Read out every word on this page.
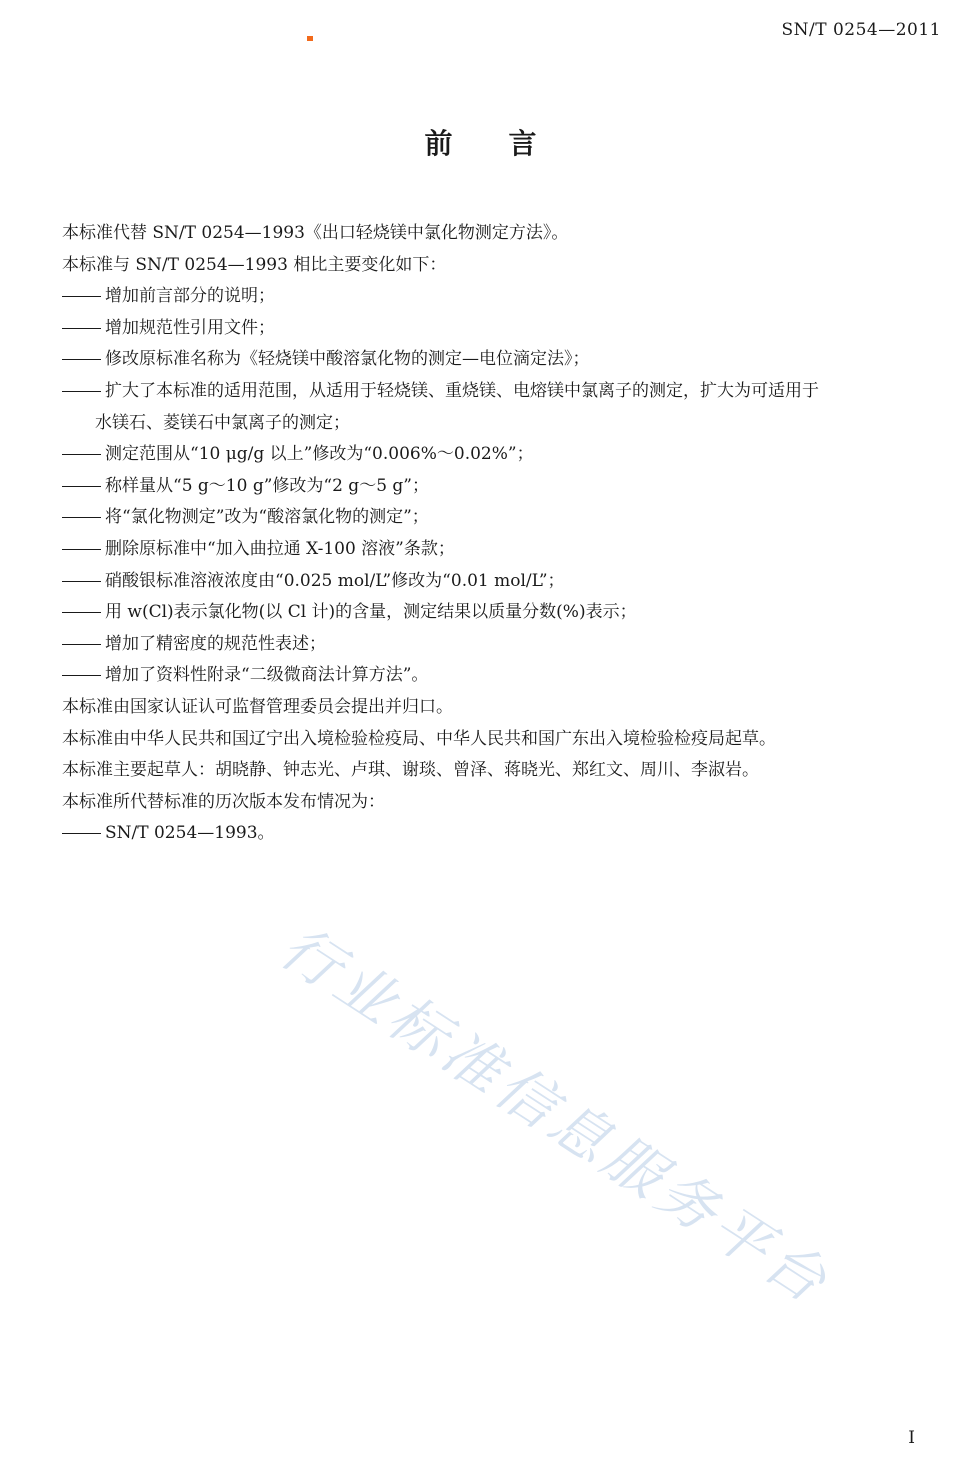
SN/T 0254—2011
前　　言
本标准代替 SN/T 0254—1993《出口轻烧镁中氯化物测定方法》。
本标准与 SN/T 0254—1993 相比主要变化如下：
增加前言部分的说明；
增加规范性引用文件；
修改原标准名称为《轻烧镁中酸溶氯化物的测定—电位滴定法》；
扩大了本标准的适用范围，从适用于轻烧镁、重烧镁、电熔镁中氯离子的测定，扩大为可适用于
水镁石、菱镁石中氯离子的测定；
测定范围从“10 μg/g 以上”修改为“0.006%～0.02%”；
称样量从“5 g～10 g”修改为“2 g～5 g”；
将“氯化物测定”改为“酸溶氯化物的测定”；
删除原标准中“加入曲拉通 X-100 溶液”条款；
硝酸银标准溶液浓度由“0.025 mol/L”修改为“0.01 mol/L”；
用 w(Cl)表示氯化物(以 Cl 计)的含量，测定结果以质量分数(%)表示；
增加了精密度的规范性表述；
增加了资料性附录“二级微商法计算方法”。
本标准由国家认证认可监督管理委员会提出并归口。
本标准由中华人民共和国辽宁出入境检验检疫局、中华人民共和国广东出入境检验检疫局起草。
本标准主要起草人：胡晓静、钟志光、卢琪、谢琰、曾泽、蒋晓光、郑红文、周川、李淑岩。
本标准所代替标准的历次版本发布情况为：
SN/T 0254—1993。
行业标准信息服务平台
I
